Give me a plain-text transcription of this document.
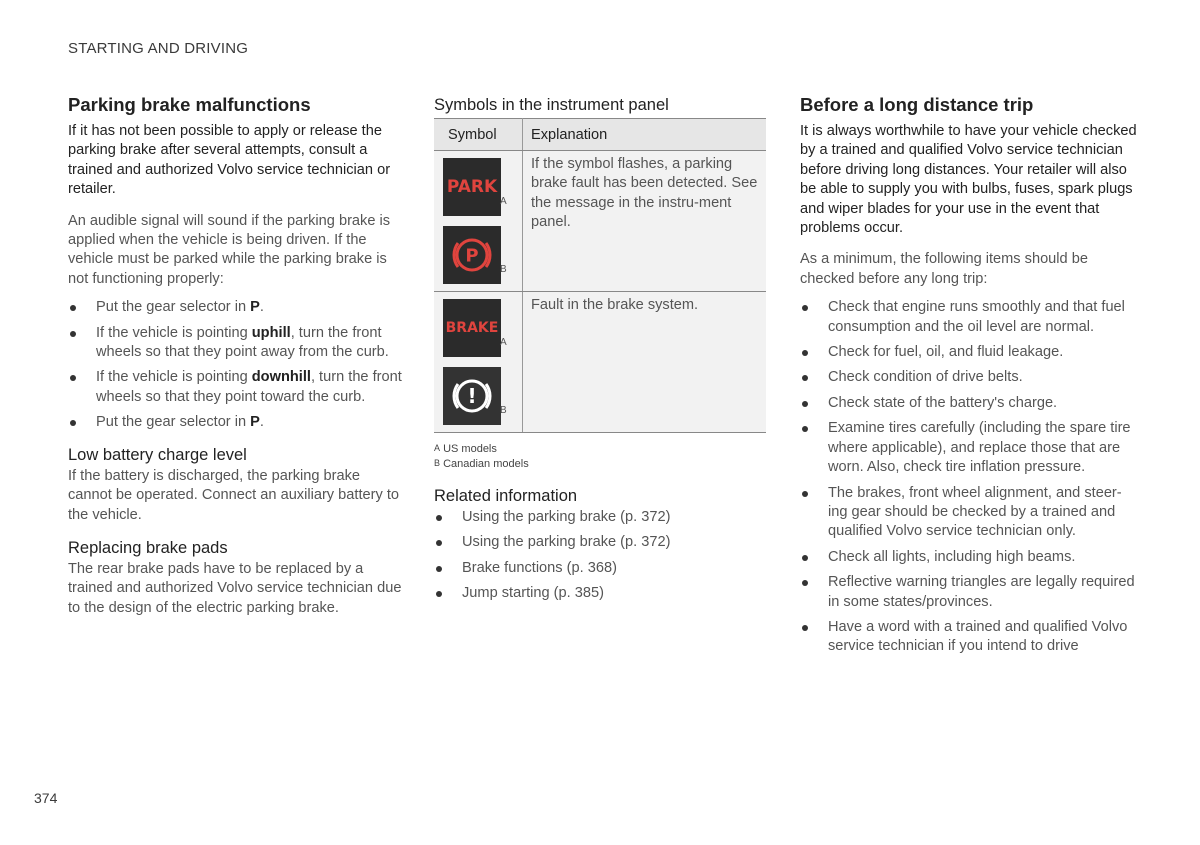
STARTING AND DRIVING
Parking brake malfunctions

If it has not been possible to apply or release the parking brake after several attempts, consult a trained and authorized Volvo service technician or retailer.

An audible signal will sound if the parking brake is applied when the vehicle is being driven. If the vehicle must be parked while the parking brake is not functioning properly:

Put the gear selector in P.
If the vehicle is pointing uphill, turn the front wheels so that they point away from the curb.
If the vehicle is pointing downhill, turn the front wheels so that they point toward the curb.
Put the gear selector in P.
Low battery charge level

If the battery is discharged, the parking brake cannot be operated. Connect an auxiliary battery to the vehicle.

Replacing brake pads

The rear brake pads have to be replaced by a trained and authorized Volvo service technician due to the design of the electric parking brake.

Symbols in the instrument panel
Symbol	Explanation

PARK
A
P
B	If the symbol flashes, a parking brake fault has been detected. See the message in the instru-ment panel.

BRAKE
A
!
B	Fault in the brake system.
A US models
B Canadian models
Related information
Using the parking brake (p. 372)
Using the parking brake (p. 372)
Brake functions (p. 368)
Jump starting (p. 385)
Before a long distance trip

It is always worthwhile to have your vehicle checked by a trained and qualified Volvo service technician before driving long distances. Your retailer will also be able to supply you with bulbs, fuses, spark plugs and wiper blades for your use in the event that problems occur.

As a minimum, the following items should be checked before any long trip:

Check that engine runs smoothly and that fuel consumption and the oil level are normal.
Check for fuel, oil, and fluid leakage.
Check condition of drive belts.
Check state of the battery's charge.
Examine tires carefully (including the spare tire where applicable), and replace those that are worn. Also, check tire inflation pressure.
The brakes, front wheel alignment, and steer-ing gear should be checked by a trained and qualified Volvo service technician only.
Check all lights, including high beams.
Reflective warning triangles are legally required in some states/provinces.
Have a word with a trained and qualified Volvo service technician if you intend to drive
374
